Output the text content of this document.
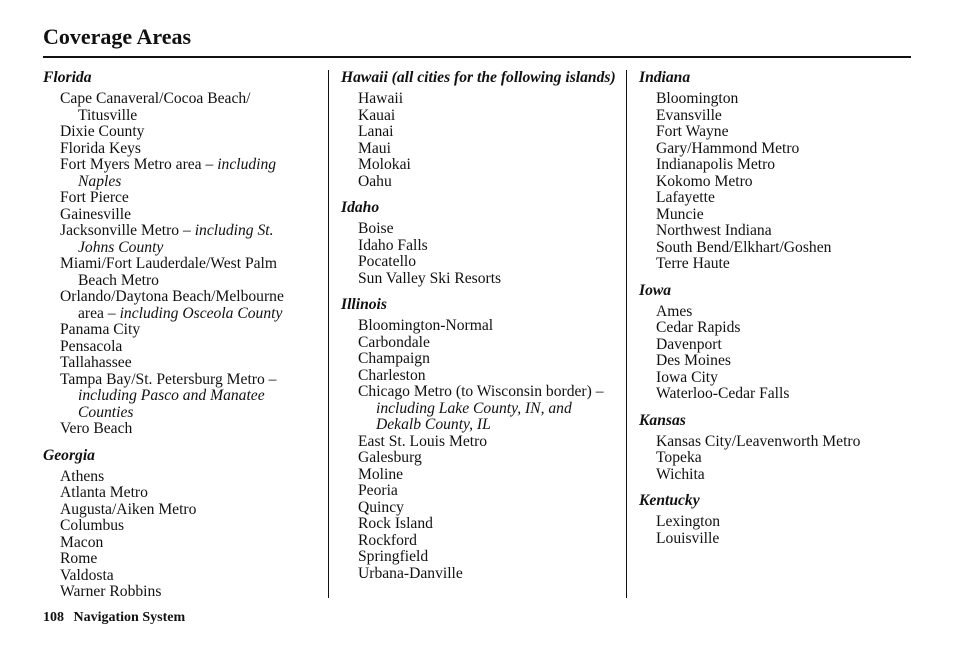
Coverage Areas
Florida
Cape Canaveral/Cocoa Beach/ Titusville
Dixie County
Florida Keys
Fort Myers Metro area – including Naples
Fort Pierce
Gainesville
Jacksonville Metro – including St. Johns County
Miami/Fort Lauderdale/West Palm Beach Metro
Orlando/Daytona Beach/Melbourne area – including Osceola County
Panama City
Pensacola
Tallahassee
Tampa Bay/St. Petersburg Metro – including Pasco and Manatee Counties
Vero Beach
Georgia
Athens
Atlanta Metro
Augusta/Aiken Metro
Columbus
Macon
Rome
Valdosta
Warner Robbins
Hawaii (all cities for the following islands)
Hawaii
Kauai
Lanai
Maui
Molokai
Oahu
Idaho
Boise
Idaho Falls
Pocatello
Sun Valley Ski Resorts
Illinois
Bloomington-Normal
Carbondale
Champaign
Charleston
Chicago Metro (to Wisconsin border) – including Lake County, IN, and Dekalb County, IL
East St. Louis Metro
Galesburg
Moline
Peoria
Quincy
Rock Island
Rockford
Springfield
Urbana-Danville
Indiana
Bloomington
Evansville
Fort Wayne
Gary/Hammond Metro
Indianapolis Metro
Kokomo Metro
Lafayette
Muncie
Northwest Indiana
South Bend/Elkhart/Goshen
Terre Haute
Iowa
Ames
Cedar Rapids
Davenport
Des Moines
Iowa City
Waterloo-Cedar Falls
Kansas
Kansas City/Leavenworth Metro
Topeka
Wichita
Kentucky
Lexington
Louisville
108 Navigation System
